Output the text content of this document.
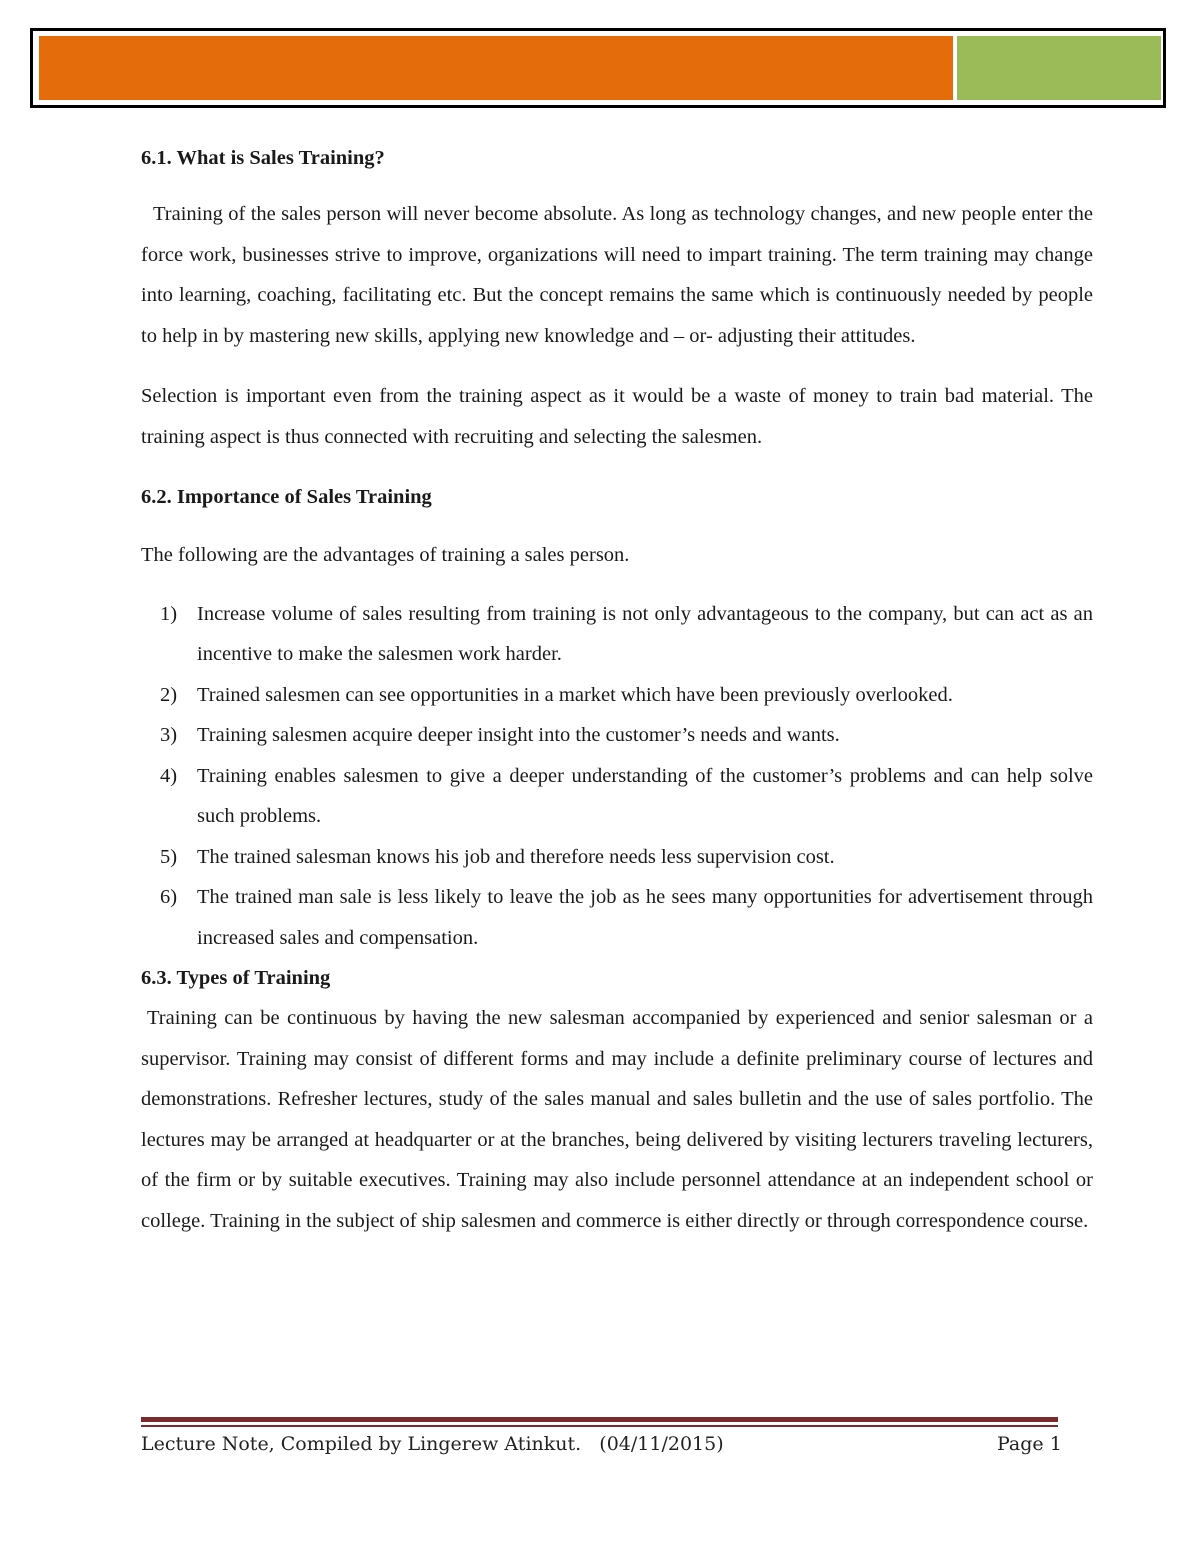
6.1. What is Sales Training?

Training of the sales person will never become absolute. As long as technology changes, and new people enter the force work, businesses strive to improve, organizations will need to impart training. The term training may change into learning, coaching, facilitating etc. But the concept remains the same which is continuously needed by people to help in by mastering new skills, applying new knowledge and – or- adjusting their attitudes.

Selection is important even from the training aspect as it would be a waste of money to train bad material. The training aspect is thus connected with recruiting and selecting the salesmen.

6.2. Importance of Sales Training

The following are the advantages of training a sales person.

1) Increase volume of sales resulting from training is not only advantageous to the company, but can act as an incentive to make the salesmen work harder.
2) Trained salesmen can see opportunities in a market which have been previously overlooked.
3) Training salesmen acquire deeper insight into the customer’s needs and wants.
4) Training enables salesmen to give a deeper understanding of the customer’s problems and can help solve such problems.
5) The trained salesman knows his job and therefore needs less supervision cost.
6) The trained man sale is less likely to leave the job as he sees many opportunities for advertisement through increased sales and compensation.
6.3. Types of Training

Training can be continuous by having the new salesman accompanied by experienced and senior salesman or a supervisor. Training may consist of different forms and may include a definite preliminary course of lectures and demonstrations. Refresher lectures, study of the sales manual and sales bulletin and the use of sales portfolio. The lectures may be arranged at headquarter or at the branches, being delivered by visiting lecturers traveling lecturers, of the firm or by suitable executives. Training may also include personnel attendance at an independent school or college. Training in the subject of ship salesmen and commerce is either directly or through correspondence course.

Lecture Note, Compiled by Lingerew Atinkut.   (04/11/2015)	Page 1
